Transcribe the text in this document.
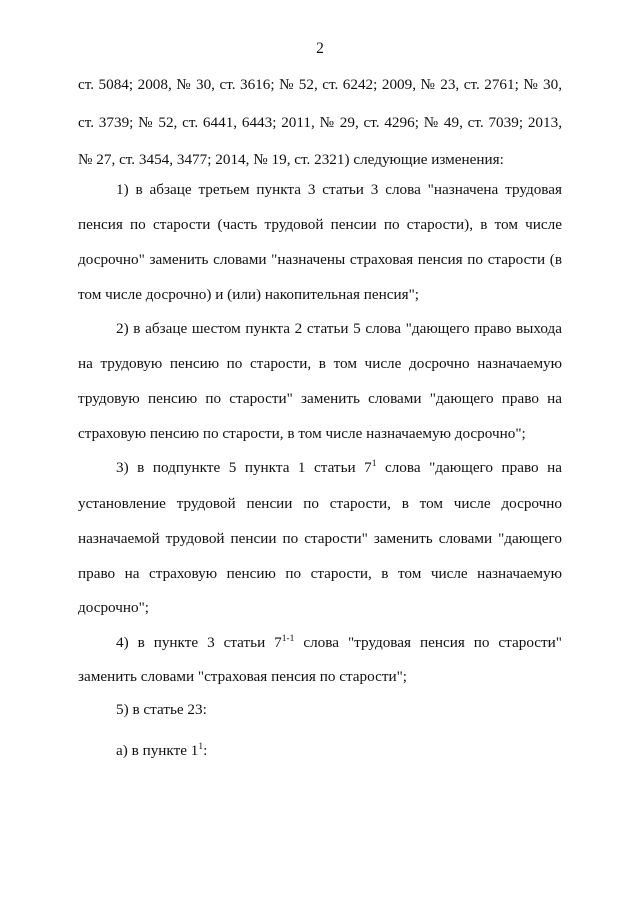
2
ст. 5084; 2008, № 30, ст. 3616; № 52, ст. 6242; 2009, № 23, ст. 2761; № 30,
ст. 3739; № 52, ст. 6441, 6443; 2011, № 29, ст. 4296; № 49, ст. 7039; 2013,
№ 27, ст. 3454, 3477; 2014, № 19, ст. 2321) следующие изменения:
1) в абзаце третьем пункта 3 статьи 3 слова "назначена трудовая
пенсия по старости (часть трудовой пенсии по старости), в том числе
досрочно" заменить словами "назначены страховая пенсия по старости (в
том числе досрочно) и (или) накопительная пенсия";
2) в абзаце шестом пункта 2 статьи 5 слова "дающего право выхода
на трудовую пенсию по старости, в том числе досрочно назначаемую
трудовую пенсию по старости" заменить словами "дающего право на
страховую пенсию по старости, в том числе назначаемую досрочно";
3) в подпункте 5 пункта 1 статьи $7^1$ слова "дающего право на
установление трудовой пенсии по старости, в том числе досрочно
назначаемой трудовой пенсии по старости" заменить словами "дающего
право на страховую пенсию по старости, в том числе назначаемую
досрочно";
4) в пункте 3 статьи 7$^{1-1}$ слова "трудовая пенсия по старости"
заменить словами "страховая пенсия по старости";
5) в статье 23:
а) в пункте $1^1$:
